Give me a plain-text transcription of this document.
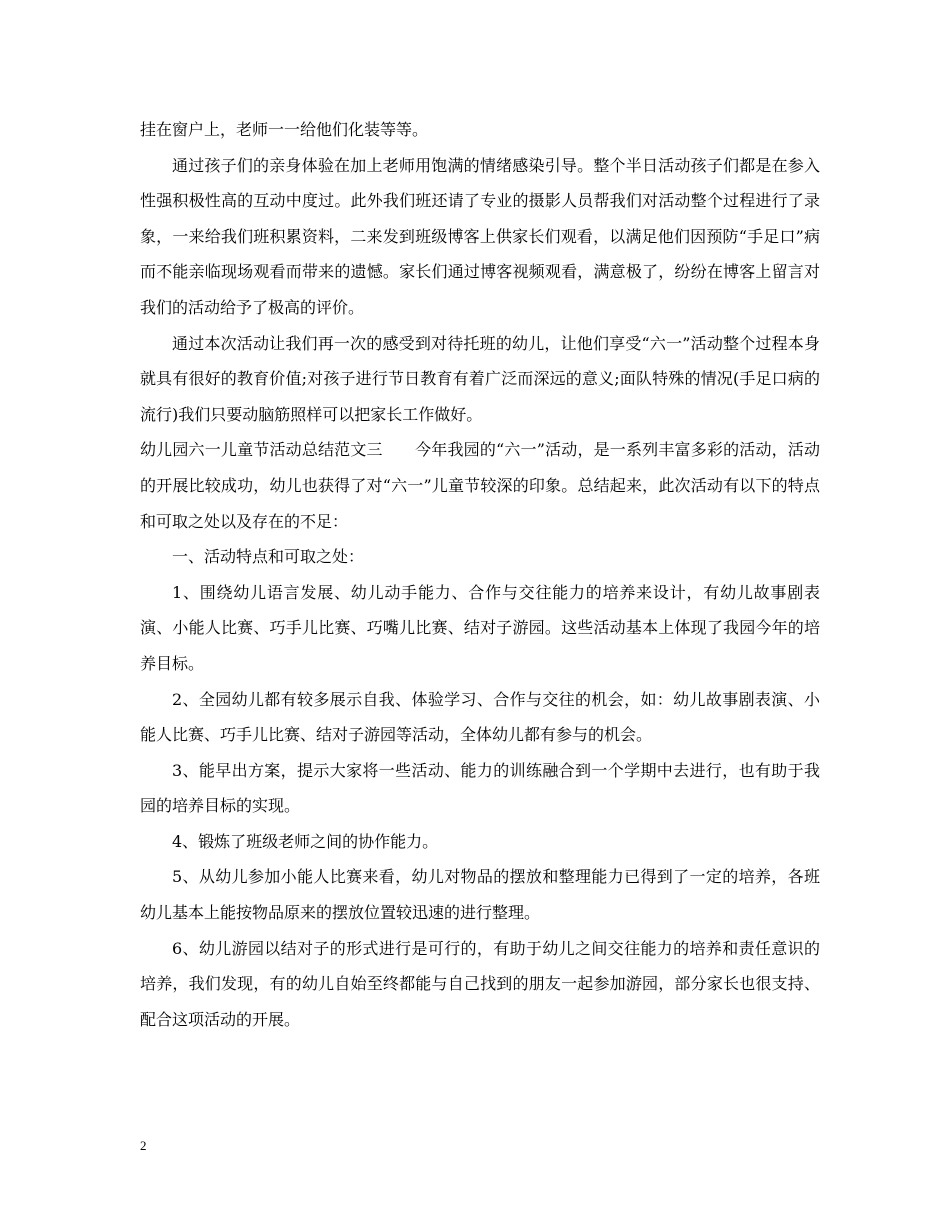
挂在窗户上，老师一一给他们化装等等。

通过孩子们的亲身体验在加上老师用饱满的情绪感染引导。整个半日活动孩子们都是在参入性强积极性高的互动中度过。此外我们班还请了专业的摄影人员帮我们对活动整个过程进行了录象，一来给我们班积累资料，二来发到班级博客上供家长们观看，以满足他们因预防“手足口”病而不能亲临现场观看而带来的遗憾。家长们通过博客视频观看，满意极了，纷纷在博客上留言对我们的活动给予了极高的评价。

通过本次活动让我们再一次的感受到对待托班的幼儿，让他们享受“六一”活动整个过程本身就具有很好的教育价值;对孩子进行节日教育有着广泛而深远的意义;面队特殊的情况(手足口病的流行)我们只要动脑筋照样可以把家长工作做好。

幼儿园六一儿童节活动总结范文三　　今年我园的“六一”活动，是一系列丰富多彩的活动，活动的开展比较成功，幼儿也获得了对“六一”儿童节较深的印象。总结起来，此次活动有以下的特点和可取之处以及存在的不足：

一、活动特点和可取之处：

1、围绕幼儿语言发展、幼儿动手能力、合作与交往能力的培养来设计，有幼儿故事剧表演、小能人比赛、巧手儿比赛、巧嘴儿比赛、结对子游园。这些活动基本上体现了我园今年的培养目标。

2、全园幼儿都有较多展示自我、体验学习、合作与交往的机会，如：幼儿故事剧表演、小能人比赛、巧手儿比赛、结对子游园等活动，全体幼儿都有参与的机会。

3、能早出方案，提示大家将一些活动、能力的训练融合到一个学期中去进行，也有助于我园的培养目标的实现。

4、锻炼了班级老师之间的协作能力。

5、从幼儿参加小能人比赛来看，幼儿对物品的摆放和整理能力已得到了一定的培养，各班幼儿基本上能按物品原来的摆放位置较迅速的进行整理。

6、幼儿游园以结对子的形式进行是可行的，有助于幼儿之间交往能力的培养和责任意识的培养，我们发现，有的幼儿自始至终都能与自己找到的朋友一起参加游园，部分家长也很支持、配合这项活动的开展。

2
